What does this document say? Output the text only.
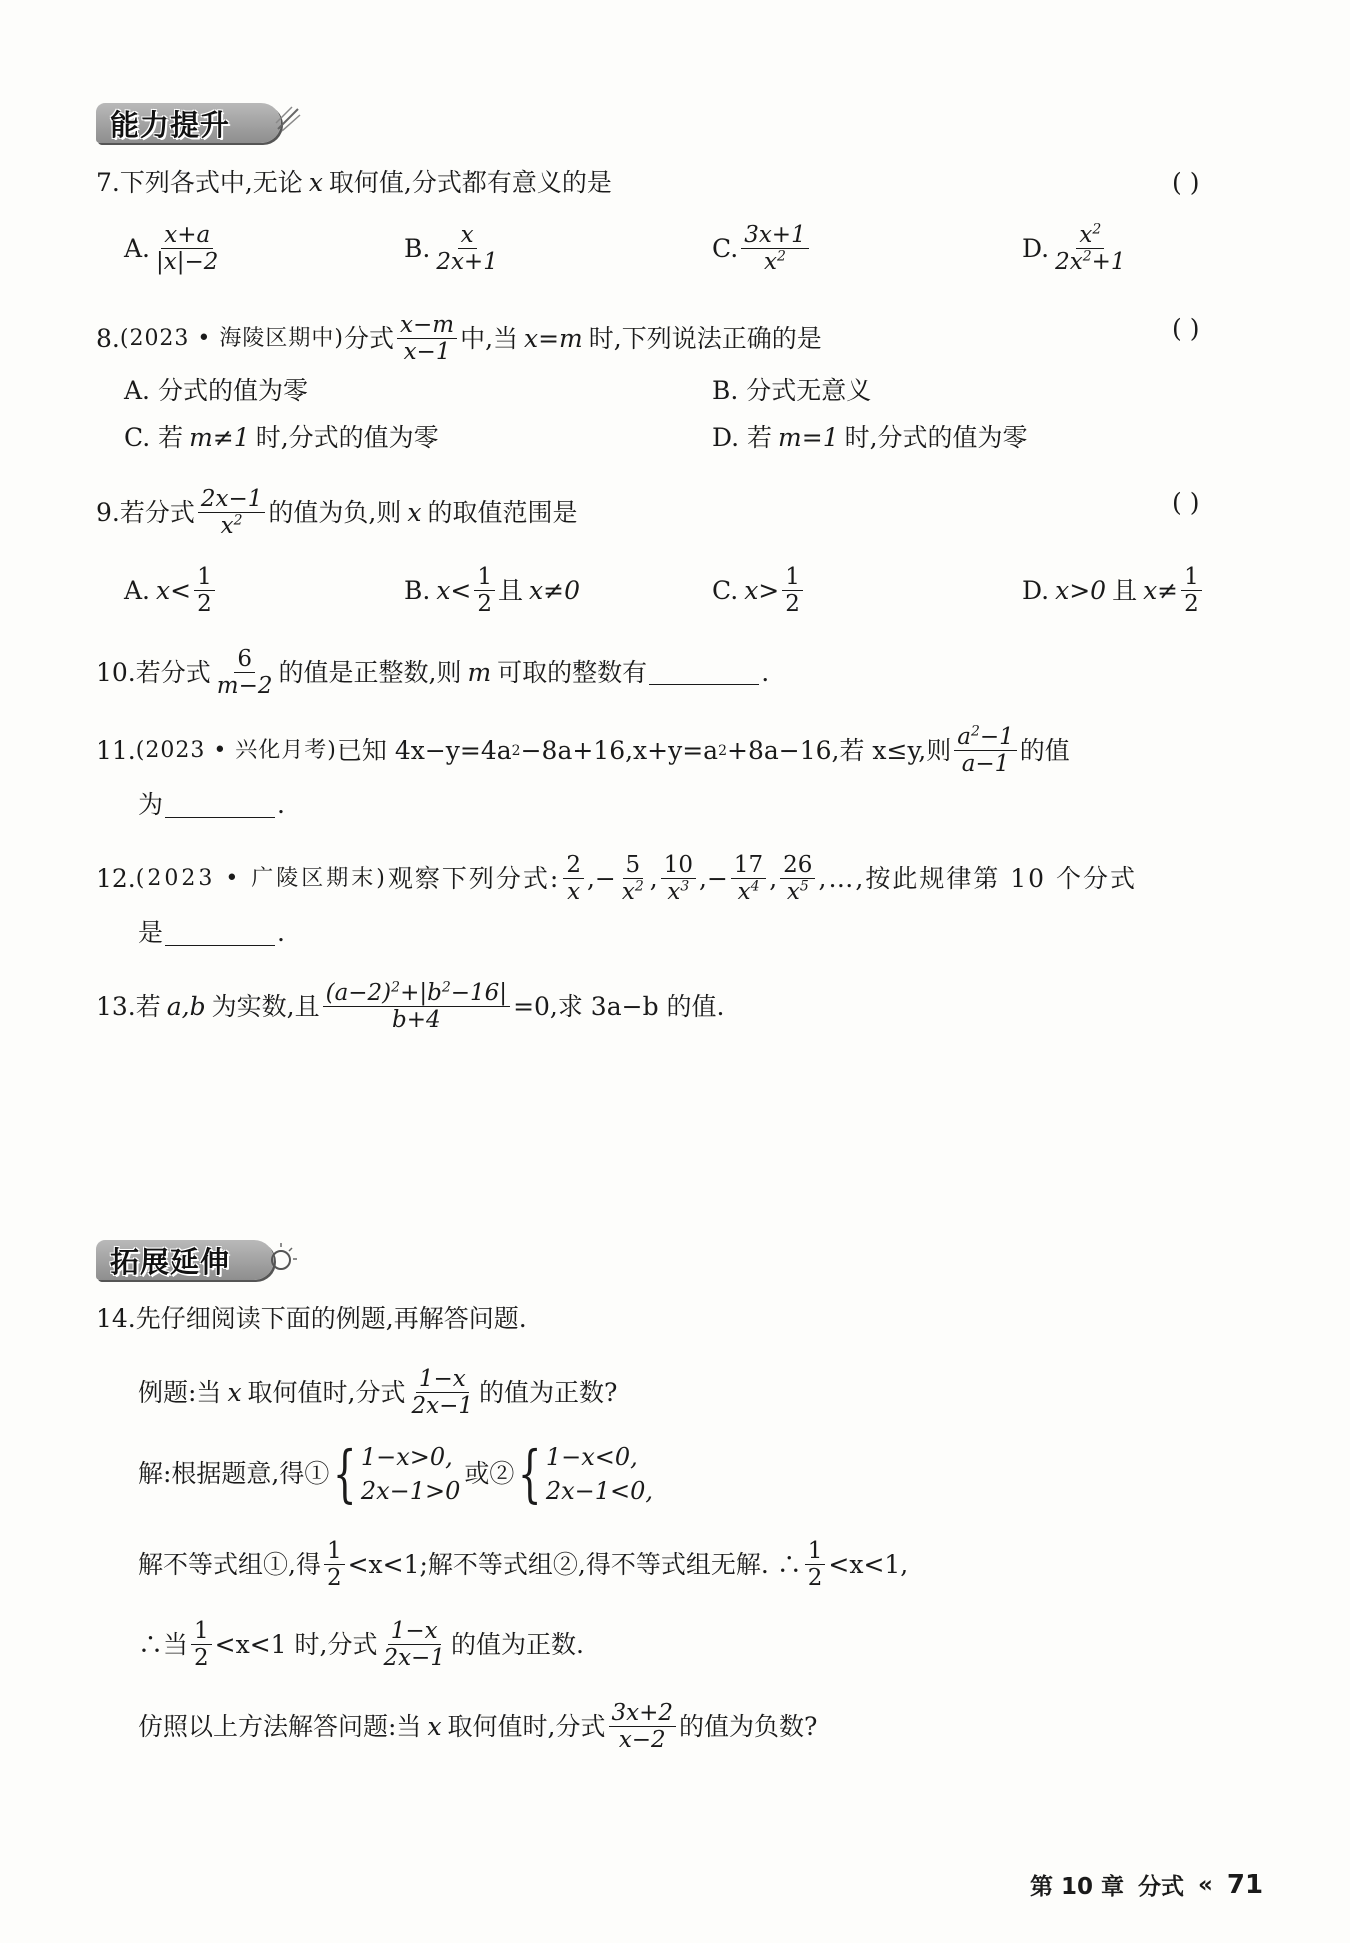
能力提升
7. 下列各式中,无论 x 取何值,分式都有意义的是	( )
A. $\frac{x+a}{|x|-2}$	B. $\frac{x}{2x+1}$	C. $\frac{3x+1}{x^2}$	D. $\frac{x^2}{2x^2+1}$
8. (2023 • 海陵区期中) 分式 $\frac{x-m}{x-1}$ 中,当 x=m 时,下列说法正确的是	( )
A. 分式的值为零	B. 分式无意义
C. 若 m≠1 时,分式的值为零	D. 若 m=1 时,分式的值为零
9. 若分式 $\frac{2x-1}{x^2}$ 的值为负,则 x 的取值范围是	( )
A. $x< \frac{1}{2}$	B. $x< \frac{1}{2}$ 且 x≠0	C. $x> \frac{1}{2}$	D. x>0 且 $x\ne \frac{1}{2}$
10. 若分式 $\frac{6}{m-2}$ 的值是正整数,则 m 可取的整数有	.
11. (2023 • 兴化月考) 已知 4x−y=4a 2 −8a+16,x+y=a 2 +8a−16,若 x≤y,则 $\frac{a^2-1}{a-1}$ 的值
为	.
12. (2023 • 广陵区期末) 观察下列分式: $\frac{2}{x}$ , − $\frac{5}{x^2}$ , $\frac{10}{x^3}$ , − $\frac{17}{x^4}$ , $\frac{26}{x^5}$ ,…,按此规律第 10 个分式
是	.
13. 若 a,b 为实数,且 $\frac{(a-2)^2+|b^2-16|}{b+4} =0$,求 3a−b 的值.
拓展延伸
14. 先仔细阅读下面的例题,再解答问题.
例题:当 x 取何值时,分式 $\frac{1-x}{2x-1}$ 的值为正数?
解:根据题意,得① { 1−x>0,
2x−1>0
或② { 1−x<0,
2x−1<0,
解不等式组①,得 $\frac{1}{2} <x<1$;解不等式组②,得不等式组无解. ∴ $\frac{1}{2} <x<1$,
∴当 $\frac{1}{2} <x<1$ 时,分式 $\frac{1-x}{2x-1}$ 的值为正数.
仿照以上方法解答问题:当 x 取何值时,分式 $\frac{3x+2}{x-2}$ 的值为负数?
第 10 章 分式 « 71
